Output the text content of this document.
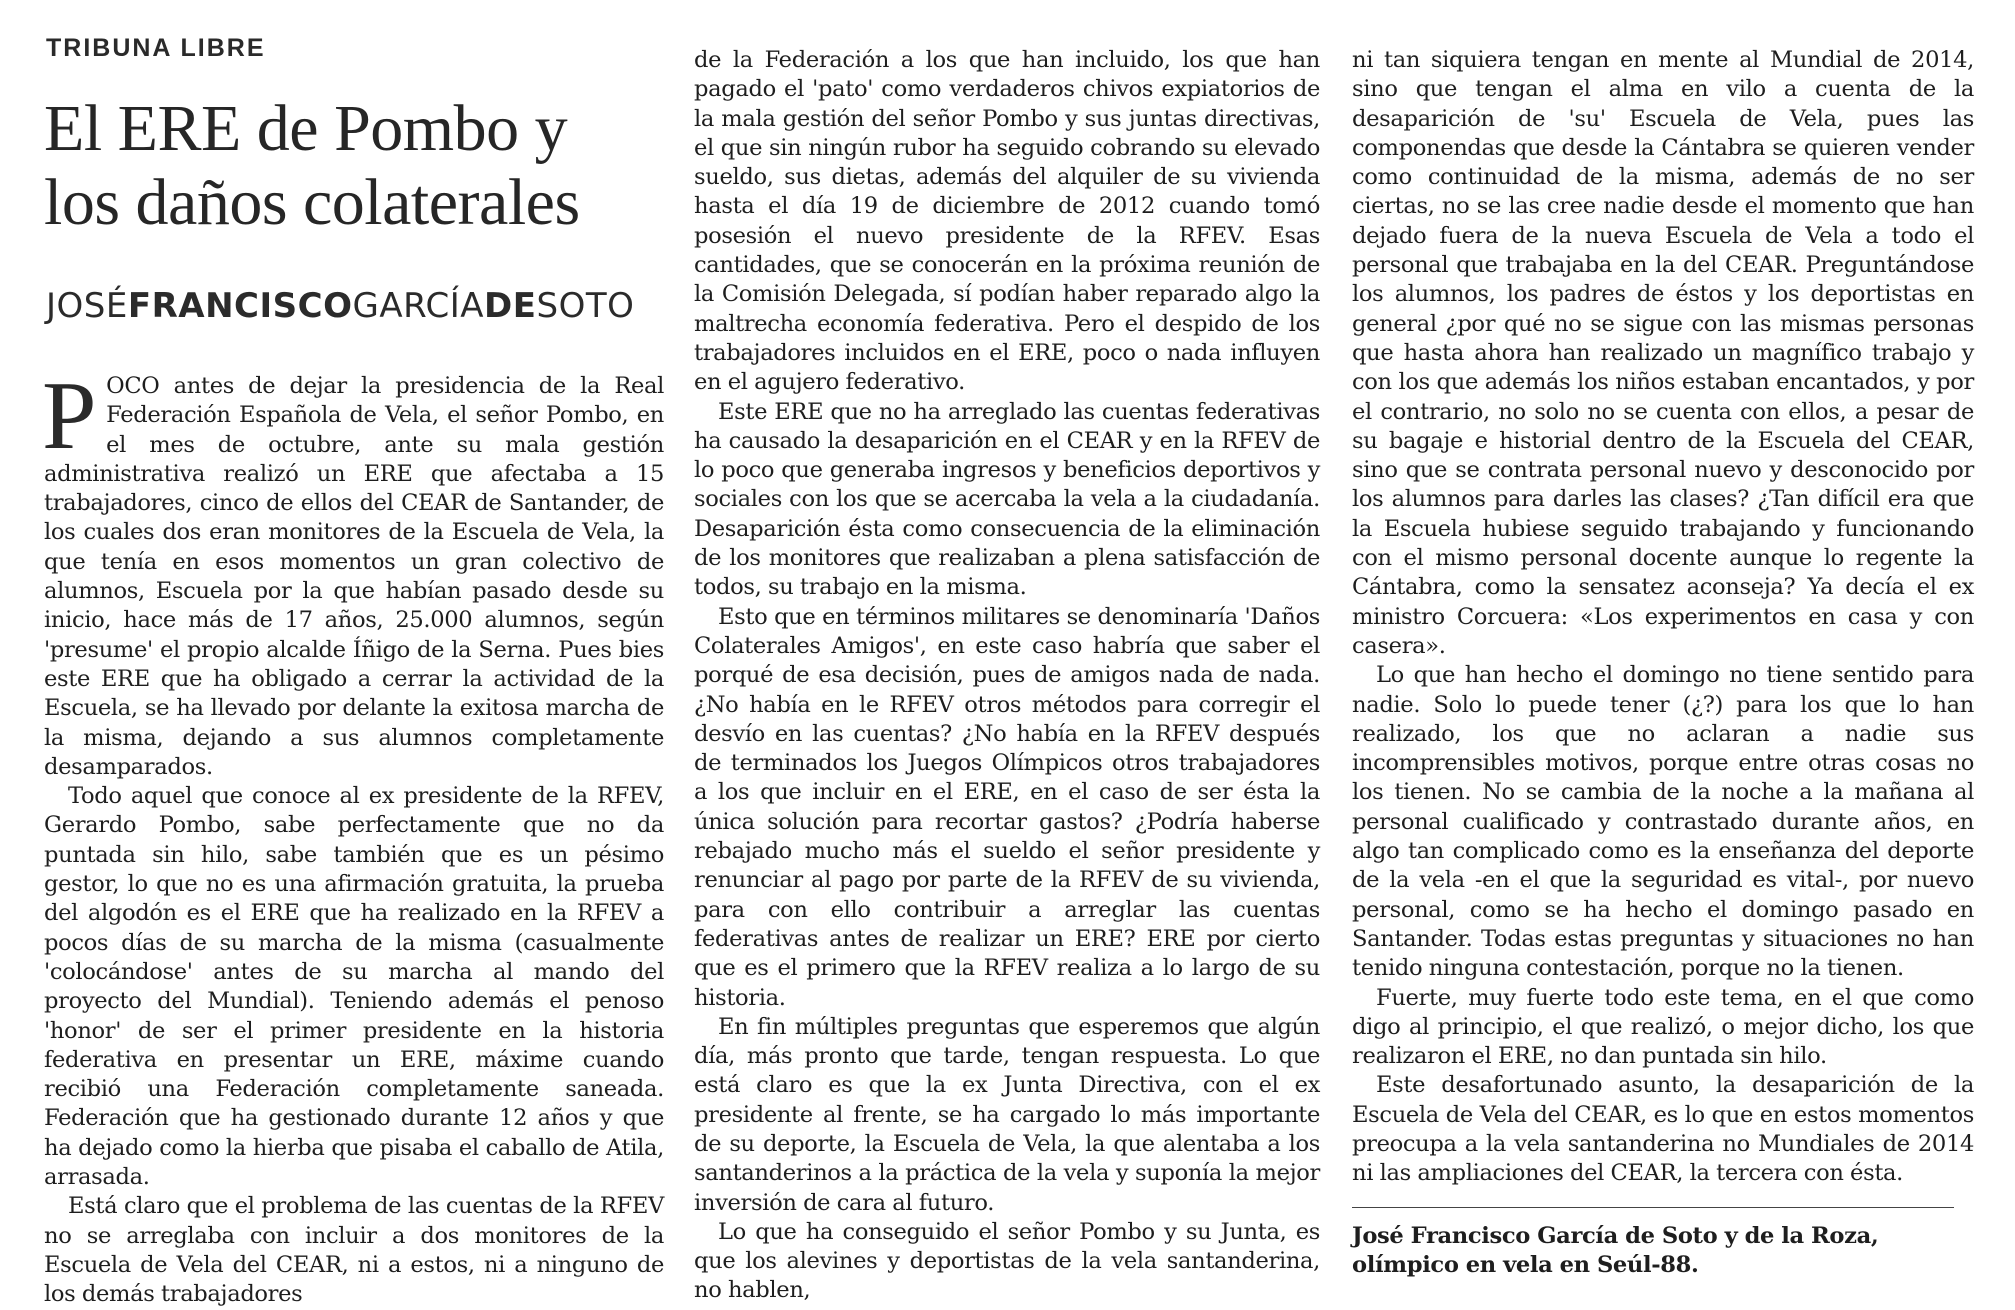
TRIBUNA LIBRE
El ERE de Pombo y
los daños colaterales
JOSÉFRANCISCOGARCÍADESOTO

POCO antes de dejar la presidencia de la Real Federación Española de Vela, el señor Pombo, en el mes de octubre, ante su mala gestión administrativa realizó un ERE que afectaba a 15 trabajadores, cinco de ellos del CEAR de Santander, de los cuales dos eran monitores de la Escuela de Vela, la que tenía en esos momentos un gran colectivo de alumnos, Escuela por la que habían pasado desde su inicio, hace más de 17 años, 25.000 alumnos, según 'presume' el propio alcalde Íñigo de la Serna. Pues bies este ERE que ha obligado a cerrar la actividad de la Escuela, se ha llevado por delante la exitosa marcha de la misma, dejando a sus alumnos completamente desamparados.

Todo aquel que conoce al ex presidente de la RFEV, Gerardo Pombo, sabe perfectamente que no da puntada sin hilo, sabe también que es un pésimo gestor, lo que no es una afirmación gratuita, la prueba del algodón es el ERE que ha realizado en la RFEV a pocos días de su marcha de la misma (casualmente 'colocándose' antes de su marcha al mando del proyecto del Mundial). Teniendo además el penoso 'honor' de ser el primer presidente en la historia federativa en presentar un ERE, máxime cuando recibió una Federación completamente saneada. Federación que ha gestionado durante 12 años y que ha dejado como la hierba que pisaba el caballo de Atila, arrasada.

Está claro que el problema de las cuentas de la RFEV no se arreglaba con incluir a dos monitores de la Escuela de Vela del CEAR, ni a estos, ni a ninguno de los demás trabajadores

de la Federación a los que han incluido, los que han pagado el 'pato' como verdaderos chivos expiatorios de la mala gestión del señor Pombo y sus juntas directivas, el que sin ningún rubor ha seguido cobrando su elevado sueldo, sus dietas, además del alquiler de su vivienda hasta el día 19 de diciembre de 2012 cuando tomó posesión el nuevo presidente de la RFEV. Esas cantidades, que se conocerán en la próxima reunión de la Comisión Delegada, sí podían haber reparado algo la maltrecha economía federativa. Pero el despido de los trabajadores incluidos en el ERE, poco o nada influyen en el agujero federativo.

Este ERE que no ha arreglado las cuentas federativas ha causado la desaparición en el CEAR y en la RFEV de lo poco que generaba ingresos y beneficios deportivos y sociales con los que se acercaba la vela a la ciudadanía. Desaparición ésta como consecuencia de la eliminación de los monitores que realizaban a plena satisfacción de todos, su trabajo en la misma.

Esto que en términos militares se denominaría 'Daños Colaterales Amigos', en este caso habría que saber el porqué de esa decisión, pues de amigos nada de nada. ¿No había en le RFEV otros métodos para corregir el desvío en las cuentas? ¿No había en la RFEV después de terminados los Juegos Olímpicos otros trabajadores a los que incluir en el ERE, en el caso de ser ésta la única solución para recortar gastos? ¿Podría haberse rebajado mucho más el sueldo el señor presidente y renunciar al pago por parte de la RFEV de su vivienda, para con ello contribuir a arreglar las cuentas federativas antes de realizar un ERE? ERE por cierto que es el primero que la RFEV realiza a lo largo de su historia.

En fin múltiples preguntas que esperemos que algún día, más pronto que tarde, tengan respuesta. Lo que está claro es que la ex Junta Directiva, con el ex presidente al frente, se ha cargado lo más importante de su deporte, la Escuela de Vela, la que alentaba a los santanderinos a la práctica de la vela y suponía la mejor inversión de cara al futuro.

Lo que ha conseguido el señor Pombo y su Junta, es que los alevines y deportistas de la vela santanderina, no hablen,

ni tan siquiera tengan en mente al Mundial de 2014, sino que tengan el alma en vilo a cuenta de la desaparición de 'su' Escuela de Vela, pues las componendas que desde la Cántabra se quieren vender como continuidad de la misma, además de no ser ciertas, no se las cree nadie desde el momento que han dejado fuera de la nueva Escuela de Vela a todo el personal que trabajaba en la del CEAR. Preguntándose los alumnos, los padres de éstos y los deportistas en general ¿por qué no se sigue con las mismas personas que hasta ahora han realizado un magnífico trabajo y con los que además los niños estaban encantados, y por el contrario, no solo no se cuenta con ellos, a pesar de su bagaje e historial dentro de la Escuela del CEAR, sino que se contrata personal nuevo y desconocido por los alumnos para darles las clases? ¿Tan difícil era que la Escuela hubiese seguido trabajando y funcionando con el mismo personal docente aunque lo regente la Cántabra, como la sensatez aconseja? Ya decía el ex ministro Corcuera: «Los experimentos en casa y con casera».

Lo que han hecho el domingo no tiene sentido para nadie. Solo lo puede tener (¿?) para los que lo han realizado, los que no aclaran a nadie sus incomprensibles motivos, porque entre otras cosas no los tienen. No se cambia de la noche a la mañana al personal cualificado y contrastado durante años, en algo tan complicado como es la enseñanza del deporte de la vela -en el que la seguridad es vital-, por nuevo personal, como se ha hecho el domingo pasado en Santander. Todas estas preguntas y situaciones no han tenido ninguna contestación, porque no la tienen.

Fuerte, muy fuerte todo este tema, en el que como digo al principio, el que realizó, o mejor dicho, los que realizaron el ERE, no dan puntada sin hilo.

Este desafortunado asunto, la desaparición de la Escuela de Vela del CEAR, es lo que en estos momentos preocupa a la vela santanderina no Mundiales de 2014 ni las ampliaciones del CEAR, la tercera con ésta.

José Francisco García de Soto y de la Roza, olímpico en vela en Seúl-88.
